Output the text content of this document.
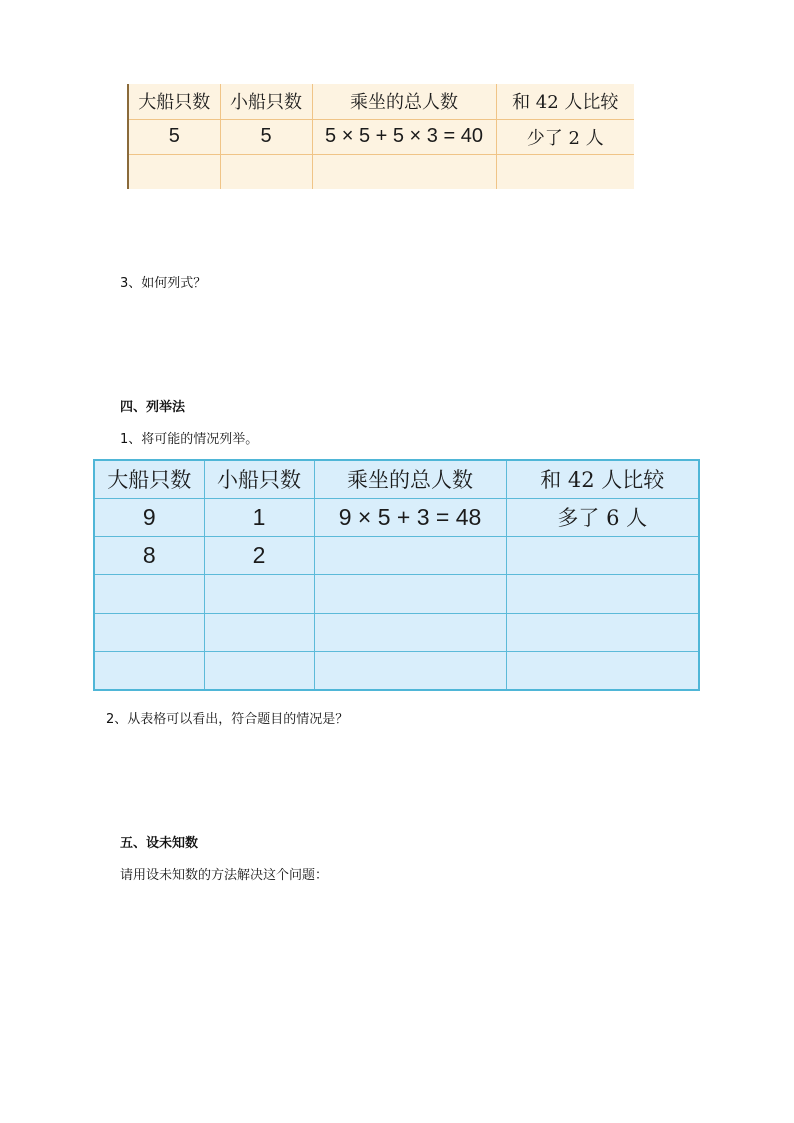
大船只数	小船只数	乘坐的总人数	和 42 人比较
5	5	5 × 5 + 5 × 3 = 40	少了 2 人

3、如何列式？
四、列举法
1、将可能的情况列举。
大船只数	小船只数	乘坐的总人数	和 42 人比较
9	1	9 × 5 + 3 = 48	多了 6 人
8	2		

2、从表格可以看出，符合题目的情况是？
五、设未知数
请用设未知数的方法解决这个问题：
